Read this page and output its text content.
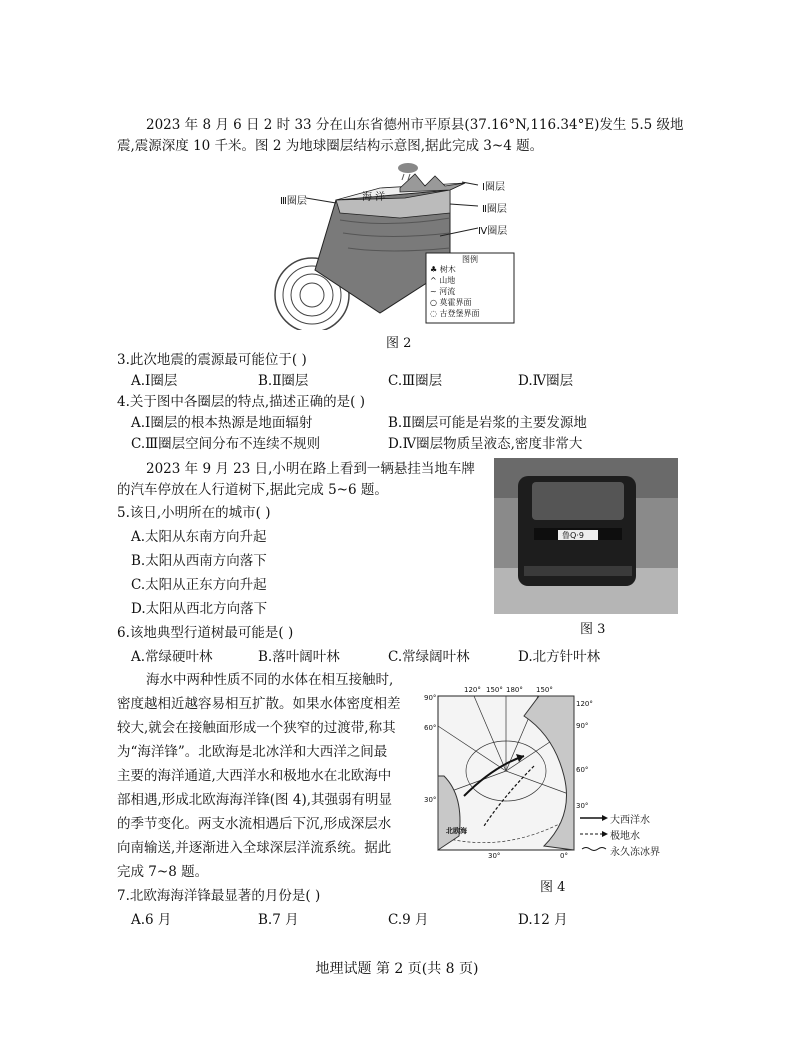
2023 年 8 月 6 日 2 时 33 分在山东省德州市平原县(37.16°N,116.34°E)发生 5.5 级地
震,震源深度 10 千米。图 2 为地球圈层结构示意图,据此完成 3~4 题。
Ⅰ圈层
Ⅱ圈层
Ⅲ圈层
Ⅳ圈层
海 洋
图例
♣ 树木
^ 山地
~ 河流
○ 莫霍界面
◌ 古登堡界面
图 2
3.此次地震的震源最可能位于( )
A.Ⅰ圈层	B.Ⅱ圈层	C.Ⅲ圈层	D.Ⅳ圈层
4.关于图中各圈层的特点,描述正确的是( )
A.Ⅰ圈层的根本热源是地面辐射	B.Ⅱ圈层可能是岩浆的主要发源地
C.Ⅲ圈层空间分布不连续不规则	D.Ⅳ圈层物质呈液态,密度非常大
2023 年 9 月 23 日,小明在路上看到一辆悬挂当地车牌
的汽车停放在人行道树下,据此完成 5~6 题。
鲁Q·9
图 3
5.该日,小明所在的城市( )
A.太阳从东南方向升起
B.太阳从西南方向落下
C.太阳从正东方向升起
D.太阳从西北方向落下
6.该地典型行道树最可能是( )
A.常绿硬叶林	B.落叶阔叶林	C.常绿阔叶林	D.北方针叶林
海水中两种性质不同的水体在相互接触时,
密度越相近越容易相互扩散。如果水体密度相差
较大,就会在接触面形成一个狭窄的过渡带,称其
为“海洋锋”。北欧海是北冰洋和大西洋之间最
主要的海洋通道,大西洋水和极地水在北欧海中
部相遇,形成北欧海海洋锋(图 4),其强弱有明显
的季节变化。两支水流相遇后下沉,形成深层水
向南输送,并逐渐进入全球深层洋流系统。据此
完成 7~8 题。
120° 150° 180° 150°
90°
60°
30°
120°
90°
60°
30°
30°	0°
北欧海
大西洋水
极地水
永久冻冰界
图 4
7.北欧海海洋锋最显著的月份是( )
A.6 月	B.7 月	C.9 月	D.12 月
地理试题 第 2 页(共 8 页)
